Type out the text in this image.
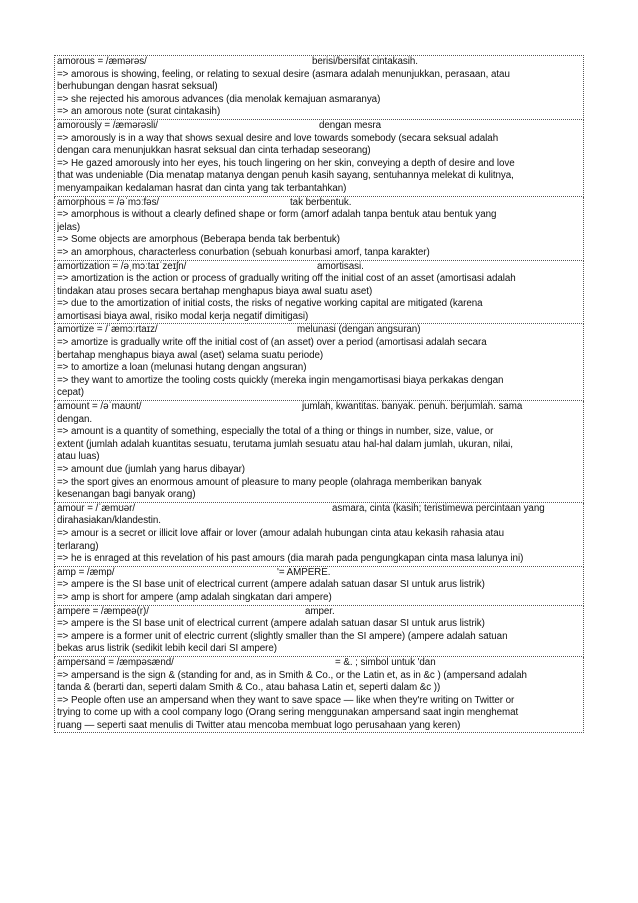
amorous = /æmərəs/	berisi/bersifat cintakasih.
=> amorous is showing, feeling, or relating to sexual desire (asmara adalah menunjukkan, perasaan, atau
berhubungan dengan hasrat seksual)
=> she rejected his amorous advances (dia menolak kemajuan asmaranya)
=> an amorous note (surat cintakasih)
amorously = /æmərəsli/	dengan mesra
=> amorously is in a way that shows sexual desire and love towards somebody (secara seksual adalah
dengan cara menunjukkan hasrat seksual dan cinta terhadap seseorang)
=> He gazed amorously into her eyes, his touch lingering on her skin, conveying a depth of desire and love
that was undeniable (Dia menatap matanya dengan penuh kasih sayang, sentuhannya melekat di kulitnya,
menyampaikan kedalaman hasrat dan cinta yang tak terbantahkan)
amorphous = /əˈmɔːfəs/	tak berbentuk.
=> amorphous is without a clearly defined shape or form (amorf adalah tanpa bentuk atau bentuk yang
jelas)
=> Some objects are amorphous (Beberapa benda tak berbentuk)
=> an amorphous, characterless conurbation (sebuah konurbasi amorf, tanpa karakter)
amortization = /əˌmɔːtaɪˈzeɪʃn/	amortisasi.
=> amortization is the action or process of gradually writing off the initial cost of an asset (amortisasi adalah
tindakan atau proses secara bertahap menghapus biaya awal suatu aset)
=> due to the amortization of initial costs, the risks of negative working capital are mitigated (karena
amortisasi biaya awal, risiko modal kerja negatif dimitigasi)
amortize = /ˈæmɔːrtaɪz/	melunasi (dengan angsuran)
=> amortize is gradually write off the initial cost of (an asset) over a period (amortisasi adalah secara
bertahap menghapus biaya awal (aset) selama suatu periode)
=> to amortize a loan (melunasi hutang dengan angsuran)
=> they want to amortize the tooling costs quickly (mereka ingin mengamortisasi biaya perkakas dengan
cepat)
amount = /əˈmaʊnt/	jumlah, kwantitas. banyak. penuh. berjumlah. sama
dengan.
=> amount is a quantity of something, especially the total of a thing or things in number, size, value, or
extent (jumlah adalah kuantitas sesuatu, terutama jumlah sesuatu atau hal-hal dalam jumlah, ukuran, nilai,
atau luas)
=> amount due (jumlah yang harus dibayar)
=> the sport gives an enormous amount of pleasure to many people (olahraga memberikan banyak
kesenangan bagi banyak orang)
amour = /ˈæmʊər/	asmara, cinta (kasih; teristimewa percintaan yang
dirahasiakan/klandestin.
=> amour is a secret or illicit love affair or lover (amour adalah hubungan cinta atau kekasih rahasia atau
terlarang)
=> he is enraged at this revelation of his past amours (dia marah pada pengungkapan cinta masa lalunya ini)
amp = /æmp/	'= AMPERE.
=> ampere is the SI base unit of electrical current (ampere adalah satuan dasar SI untuk arus listrik)
=> amp is short for ampere (amp adalah singkatan dari ampere)
ampere = /æmpeə(r)/	amper.
=> ampere is the SI base unit of electrical current (ampere adalah satuan dasar SI untuk arus listrik)
=> ampere is a former unit of electric current (slightly smaller than the SI ampere) (ampere adalah satuan
bekas arus listrik (sedikit lebih kecil dari SI ampere)
ampersand = /æmpəsænd/	= &. ; simbol untuk 'dan
=> ampersand is the sign & (standing for and, as in Smith & Co., or the Latin et, as in &c ) (ampersand adalah
tanda & (berarti dan, seperti dalam Smith & Co., atau bahasa Latin et, seperti dalam &c ))
=> People often use an ampersand when they want to save space — like when they're writing on Twitter or
trying to come up with a cool company logo (Orang sering menggunakan ampersand saat ingin menghemat
ruang — seperti saat menulis di Twitter atau mencoba membuat logo perusahaan yang keren)
